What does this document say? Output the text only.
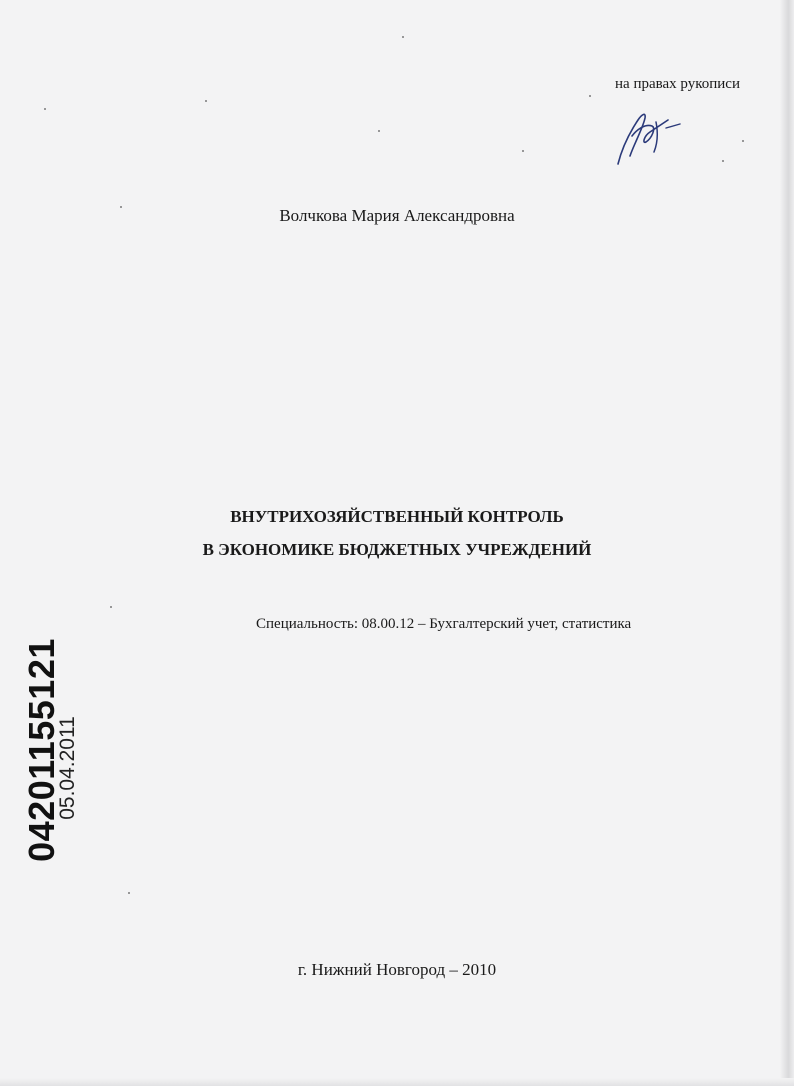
на правах рукописи
Волчкова Мария Александровна
ВНУТРИХОЗЯЙСТВЕННЫЙ КОНТРОЛЬ
В ЭКОНОМИКЕ БЮДЖЕТНЫХ УЧРЕЖДЕНИЙ
Специальность: 08.00.12 – Бухгалтерский учет, статистика
04201155121
05.04.2011
г. Нижний Новгород – 2010
